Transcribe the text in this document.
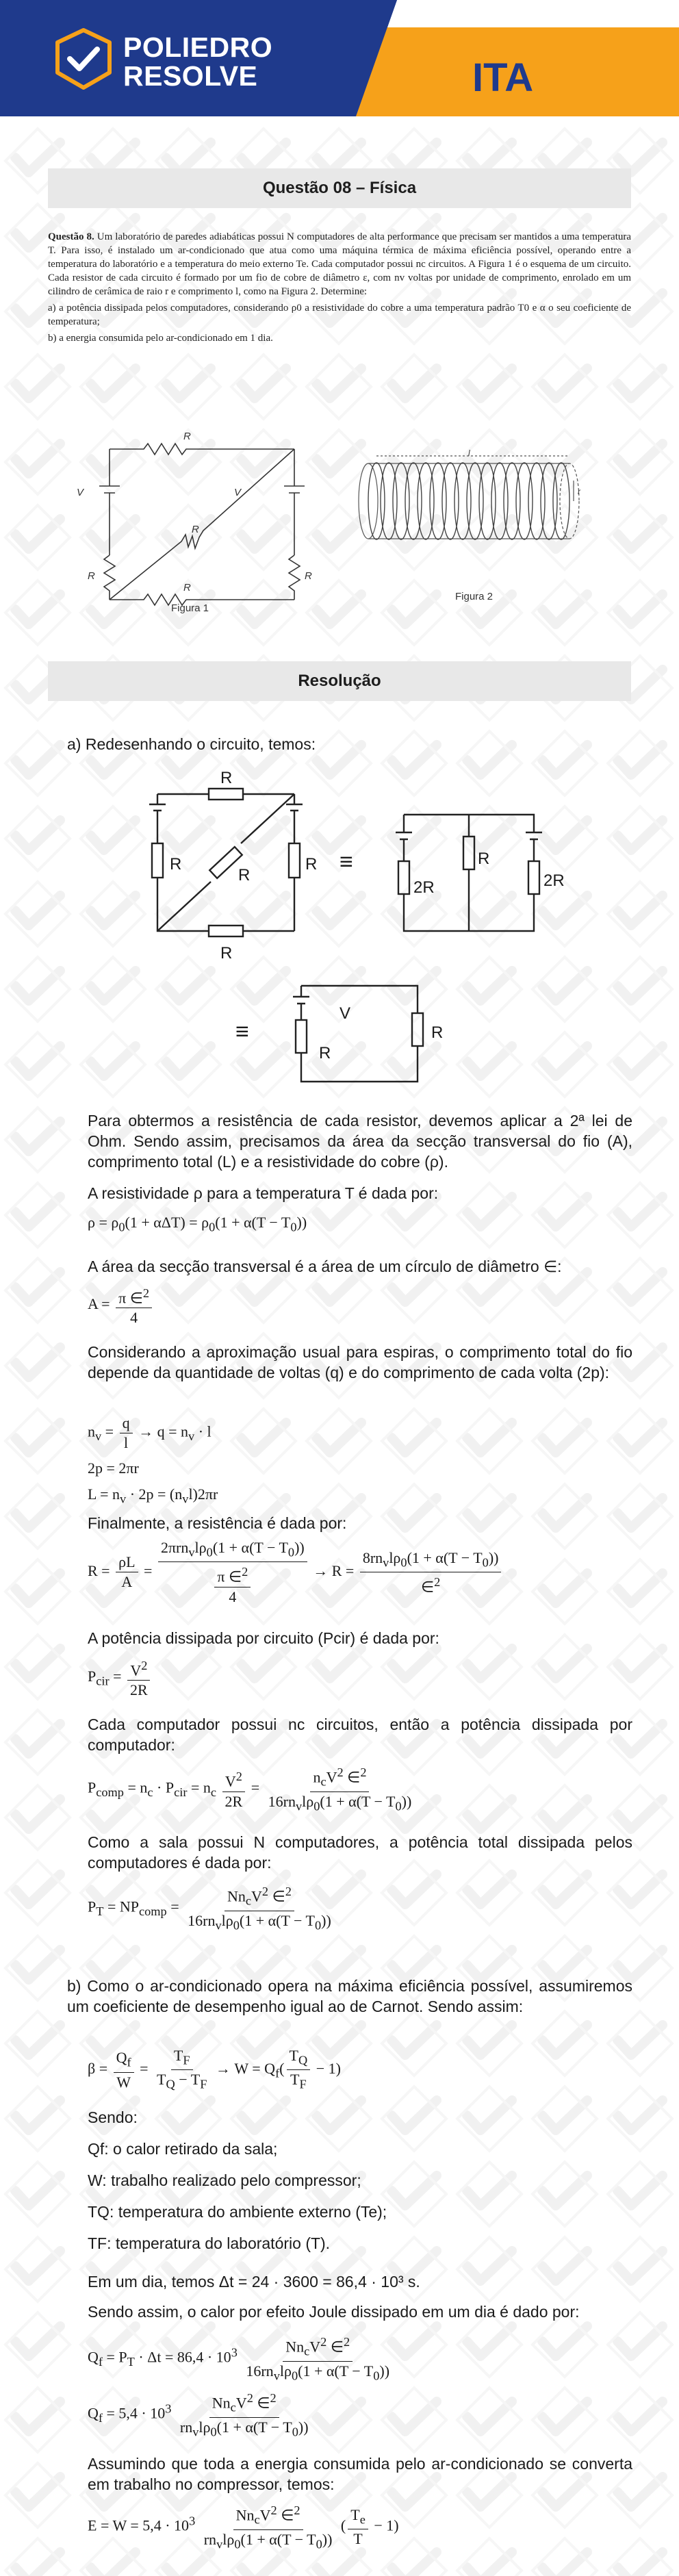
POLIEDRO
RESOLVE	ITA
Questão 08 – Física

Questão 8. Um laboratório de paredes adiabáticas possui N computadores de alta performance que precisam ser mantidos a uma temperatura T. Para isso, é instalado um ar-condicionado que atua como uma máquina térmica de máxima eficiência possível, operando entre a temperatura do laboratório e a temperatura do meio externo Te. Cada computador possui nc circuitos. A Figura 1 é o esquema de um circuito. Cada resistor de cada circuito é formado por um fio de cobre de diâmetro ε, com nv voltas por unidade de comprimento, enrolado em um cilindro de cerâmica de raio r e comprimento l, como na Figura 2. Determine:

a) a potência dissipada pelos computadores, considerando ρ0 a resistividade do cobre a uma temperatura padrão T0 e α o seu coeficiente de temperatura;

b) a energia consumida pelo ar-condicionado em 1 dia.

R
V	V
R
R	R
R
Figura 1
l
r
Figura 2
Resolução
a) Redesenhando o circuito, temos:
R
R
R
R
R
≡
2R
R
2R
≡
V
R
R

Para obtermos a resistência de cada resistor, devemos aplicar a 2ª lei de Ohm. Sendo assim, precisamos da área da secção transversal do fio (A), comprimento total (L) e a resistividade do cobre (ρ).

A resistividade ρ para a temperatura T é dada por:

$\rho = \rho_0(1 + \alpha\Delta T) = \rho_0(1 + \alpha(T - T_0))$

A área da secção transversal é a área de um círculo de diâmetro ∈:

$A = \frac{\pi \in^2}{4}$

Considerando a aproximação usual para espiras, o comprimento total do fio depende da quantidade de voltas (q) e do comprimento de cada volta (2p):

$n_v = \frac{q}{l} \to q = n_v \cdot l$
2p = 2πr
$L = n_v \cdot 2p = (n_vl)2\pi r$

Finalmente, a resistência é dada por:

$R = \frac{\rho L}{A} = \frac{2\pi rn_vl\rho_0(1 + \alpha(T - T_0))}{\frac{\pi \in^2}{4}} \to R = \frac{8rn_vl\rho_0(1 + \alpha(T - T_0))}{\in^2}$

A potência dissipada por circuito (Pcir) é dada por:

$P_{cir} = \frac{V^2}{2R}$

Cada computador possui nc circuitos, então a potência dissipada por computador:

$P_{comp} = n_c \cdot P_{cir} = n_c \frac{V^2}{2R} = \frac{n_cV^2 \in^2}{16rn_vl\rho_0(1 + \alpha(T - T_0))}$

Como a sala possui N computadores, a potência total dissipada pelos computadores é dada por:

$P_T = NP_{comp} = \frac{Nn_cV^2 \in^2}{16rn_vl\rho_0(1 + \alpha(T - T_0))}$

b) Como o ar-condicionado opera na máxima eficiência possível, assumiremos um coeficiente de desempenho igual ao de Carnot. Sendo assim:

$\beta = \frac{Q_f}{W} = \frac{T_F}{T_Q - T_F} \to W = Q_f( \frac{T_Q}{T_F} - 1)$
Sendo:
Qf: o calor retirado da sala;
W: trabalho realizado pelo compressor;
TQ: temperatura do ambiente externo (Te);
TF: temperatura do laboratório (T).
Em um dia, temos Δt = 24 · 3600 = 86,4 · 10³ s.
Sendo assim, o calor por efeito Joule dissipado em um dia é dado por:
$Q_f = P_T \cdot \Delta t = 86,4 \cdot 10^3 \frac{Nn_cV^2 \in^2}{16rn_vl\rho_0(1 + \alpha(T - T_0))}$
$Q_f = 5,4 \cdot 10^3 \frac{Nn_cV^2 \in^2}{rn_vl\rho_0(1 + \alpha(T - T_0))}$

Assumindo que toda a energia consumida pelo ar-condicionado se converta em trabalho no compressor, temos:

$E = W = 5,4 \cdot 10^3 \frac{Nn_cV^2 \in^2}{rn_vl\rho_0(1 + \alpha(T - T_0))}$ ( $\frac{T_e}{T} - 1$)
